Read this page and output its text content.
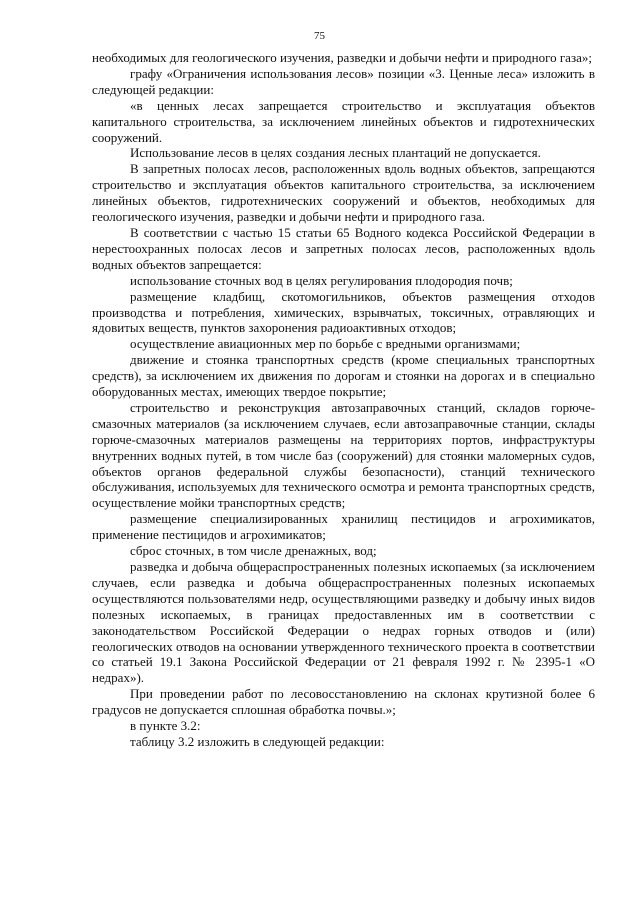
75

необходимых для геологического изучения, разведки и добычи нефти и природного газа»;

графу «Ограничения использования лесов» позиции «3. Ценные леса» изложить в следующей редакции:

«в ценных лесах запрещается строительство и эксплуатация объектов капитального строительства, за исключением линейных объектов и гидротехнических сооружений.

Использование лесов в целях создания лесных плантаций не допускается.

В запретных полосах лесов, расположенных вдоль водных объектов, запрещаются строительство и эксплуатация объектов капитального строительства, за исключением линейных объектов, гидротехнических сооружений и объектов, необходимых для геологического изучения, разведки и добычи нефти и природного газа.

В соответствии с частью 15 статьи 65 Водного кодекса Российской Федерации в нерестоохранных полосах лесов и запретных полосах лесов, расположенных вдоль водных объектов запрещается:

использование сточных вод в целях регулирования плодородия почв;

размещение кладбищ, скотомогильников, объектов размещения отходов производства и потребления, химических, взрывчатых, токсичных, отравляющих и ядовитых веществ, пунктов захоронения радиоактивных отходов;

осуществление авиационных мер по борьбе с вредными организмами;

движение и стоянка транспортных средств (кроме специальных транспортных средств), за исключением их движения по дорогам и стоянки на дорогах и в специально оборудованных местах, имеющих твердое покрытие;

строительство и реконструкция автозаправочных станций, складов горюче-смазочных материалов (за исключением случаев, если автозаправочные станции, склады горюче-смазочных материалов размещены на территориях портов, инфраструктуры внутренних водных путей, в том числе баз (сооружений) для стоянки маломерных судов, объектов органов федеральной службы безопасности), станций технического обслуживания, используемых для технического осмотра и ремонта транспортных средств, осуществление мойки транспортных средств;

размещение специализированных хранилищ пестицидов и агрохимикатов, применение пестицидов и агрохимикатов;

сброс сточных, в том числе дренажных, вод;

разведка и добыча общераспространенных полезных ископаемых (за исключением случаев, если разведка и добыча общераспространенных полезных ископаемых осуществляются пользователями недр, осуществляющими разведку и добычу иных видов полезных ископаемых, в границах предоставленных им в соответствии с законодательством Российской Федерации о недрах горных отводов и (или) геологических отводов на основании утвержденного технического проекта в соответствии со статьей 19.1 Закона Российской Федерации от 21 февраля 1992 г. № 2395-1 «О недрах»).

При проведении работ по лесовосстановлению на склонах крутизной более 6 градусов не допускается сплошная обработка почвы.»;

в пункте 3.2:

таблицу 3.2 изложить в следующей редакции:
